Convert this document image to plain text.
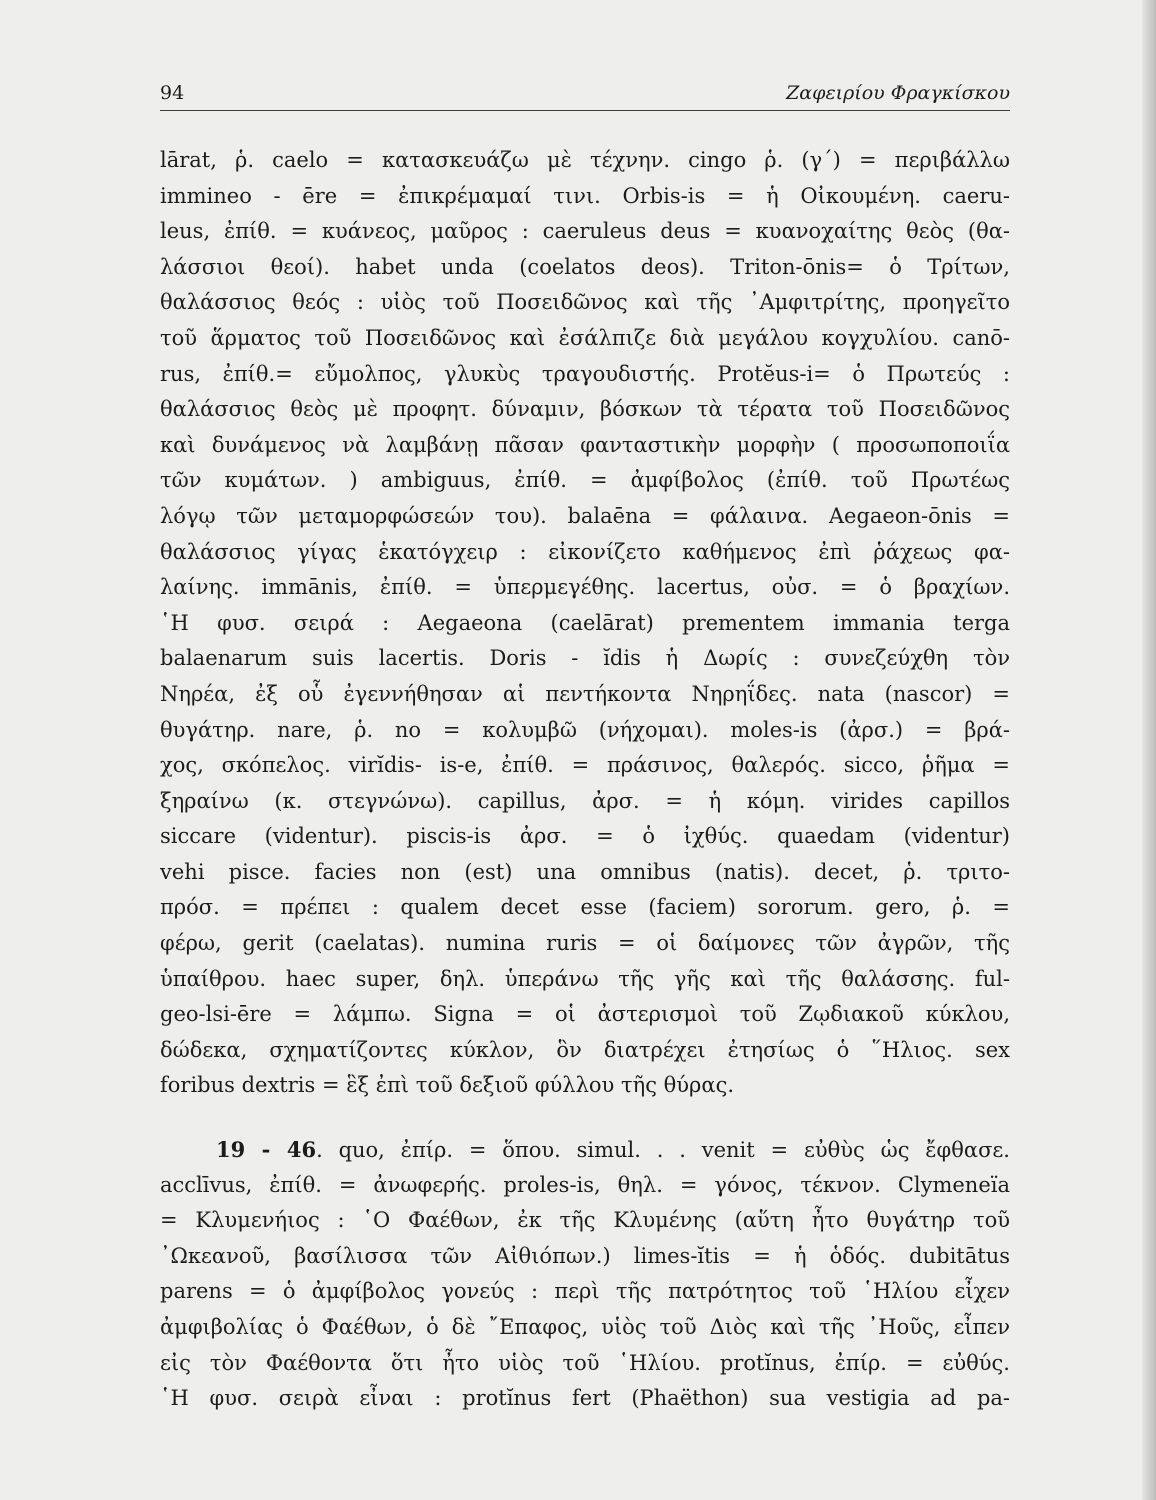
94	Ζαφειρίου Φραγκίσκου
lārat, ῥ. caelo = κατασκευάζω μὲ τέχνην. cingo ῥ. (γ΄) = περιβάλλω
immineo - ēre = ἐπικρέμαμαί τινι. Orbis-is = ἡ Οἰκουμένη. caeru-
leus, ἐπίθ. = κυάνεος, μαῦρος : caeruleus deus = κυανοχαίτης θεὸς (θα-
λάσσιοι θεοί). habet unda (coelatos deos). Triton-ōnis= ὁ Τρίτων,
θαλάσσιος θεός : υἱὸς τοῦ Ποσειδῶνος καὶ τῆς ᾿Αμφιτρίτης, προηγεῖτο
τοῦ ἅρματος τοῦ Ποσειδῶνος καὶ ἐσάλπιζε διὰ μεγάλου κογχυλίου. canō-
rus, ἐπίθ.= εὔμολπος, γλυκὺς τραγουδιστής. Protĕus-i= ὁ Πρωτεύς :
θαλάσσιος θεὸς μὲ προφητ. δύναμιν, βόσκων τὰ τέρατα τοῦ Ποσειδῶνος
καὶ δυνάμενος νὰ λαμβάνῃ πᾶσαν φανταστικὴν μορφὴν ( προσωποποιΐα
τῶν κυμάτων. ) ambiguus, ἐπίθ. = ἀμφίβολος (ἐπίθ. τοῦ Πρωτέως
λόγῳ τῶν μεταμορφώσεών του). balaēna = φάλαινα. Aegaeon-ōnis =
θαλάσσιος γίγας ἑκατόγχειρ : εἰκονίζετο καθήμενος ἐπὶ ῥάχεως φα-
λαίνης. immānis, ἐπίθ. = ὑπερμεγέθης. lacertus, οὐσ. = ὁ βραχίων.
῾Η φυσ. σειρά : Aegaeona (caelārat) prementem immania terga
balaenarum suis lacertis. Doris - ĭdis ἡ Δωρίς : συνεζεύχθη τὸν
Νηρέα, ἐξ οὗ ἐγεννήθησαν αἱ πεντήκοντα Νηρηΐδες. nata (nascor) =
θυγάτηρ. nare, ῥ. no = κολυμβῶ (νήχομαι). moles-is (ἀρσ.) = βρά-
χος, σκόπελος. virĭdis- is-e, ἐπίθ. = πράσινος, θαλερός. sicco, ῥῆμα =
ξηραίνω (κ. στεγνώνω). capillus, ἀρσ. = ἡ κόμη. virides capillos
siccare (videntur). piscis-is ἀρσ. = ὁ ἰχθύς. quaedam (videntur)
vehi pisce. facies non (est) una omnibus (natis). decet, ῥ. τριτο-
πρόσ. = πρέπει : qualem decet esse (faciem) sororum. gero, ῥ. =
φέρω, gerit (caelatas). numina ruris = οἱ δαίμονες τῶν ἀγρῶν, τῆς
ὑπαίθρου. haec super, δηλ. ὑπεράνω τῆς γῆς καὶ τῆς θαλάσσης. ful-
geo-lsi-ēre = λάμπω. Signa = οἱ ἀστερισμοὶ τοῦ Ζῳδιακοῦ κύκλου,
δώδεκα, σχηματίζοντες κύκλον, ὃν διατρέχει ἐτησίως ὁ ῞Ηλιος. sex
foribus dextris = ἓξ ἐπὶ τοῦ δεξιοῦ φύλλου τῆς θύρας.
19 - 46. quo, ἐπίρ. = ὅπου. simul. . . venit = εὐθὺς ὡς ἔφθασε.
acclīvus, ἐπίθ. = ἀνωφερής. proles-is, θηλ. = γόνος, τέκνον. Clymeneïa
= Κλυμενήιος : ῾Ο Φαέθων, ἐκ τῆς Κλυμένης (αὕτη ἦτο θυγάτηρ τοῦ
᾿Ωκεανοῦ, βασίλισσα τῶν Αἰθιόπων.) limes-ĭtis = ἡ ὁδός. dubitātus
parens = ὁ ἀμφίβολος γονεύς : περὶ τῆς πατρότητος τοῦ ῾Ηλίου εἶχεν
ἀμφιβολίας ὁ Φαέθων, ὁ δὲ ῎Επαφος, υἱὸς τοῦ Διὸς καὶ τῆς ᾿Ηοῦς, εἶπεν
εἰς τὸν Φαέθοντα ὅτι ἦτο υἱὸς τοῦ ῾Ηλίου. protĭnus, ἐπίρ. = εὐθύς.
῾Η φυσ. σειρὰ εἶναι : protĭnus fert (Phaëthon) sua vestigia ad pa-
